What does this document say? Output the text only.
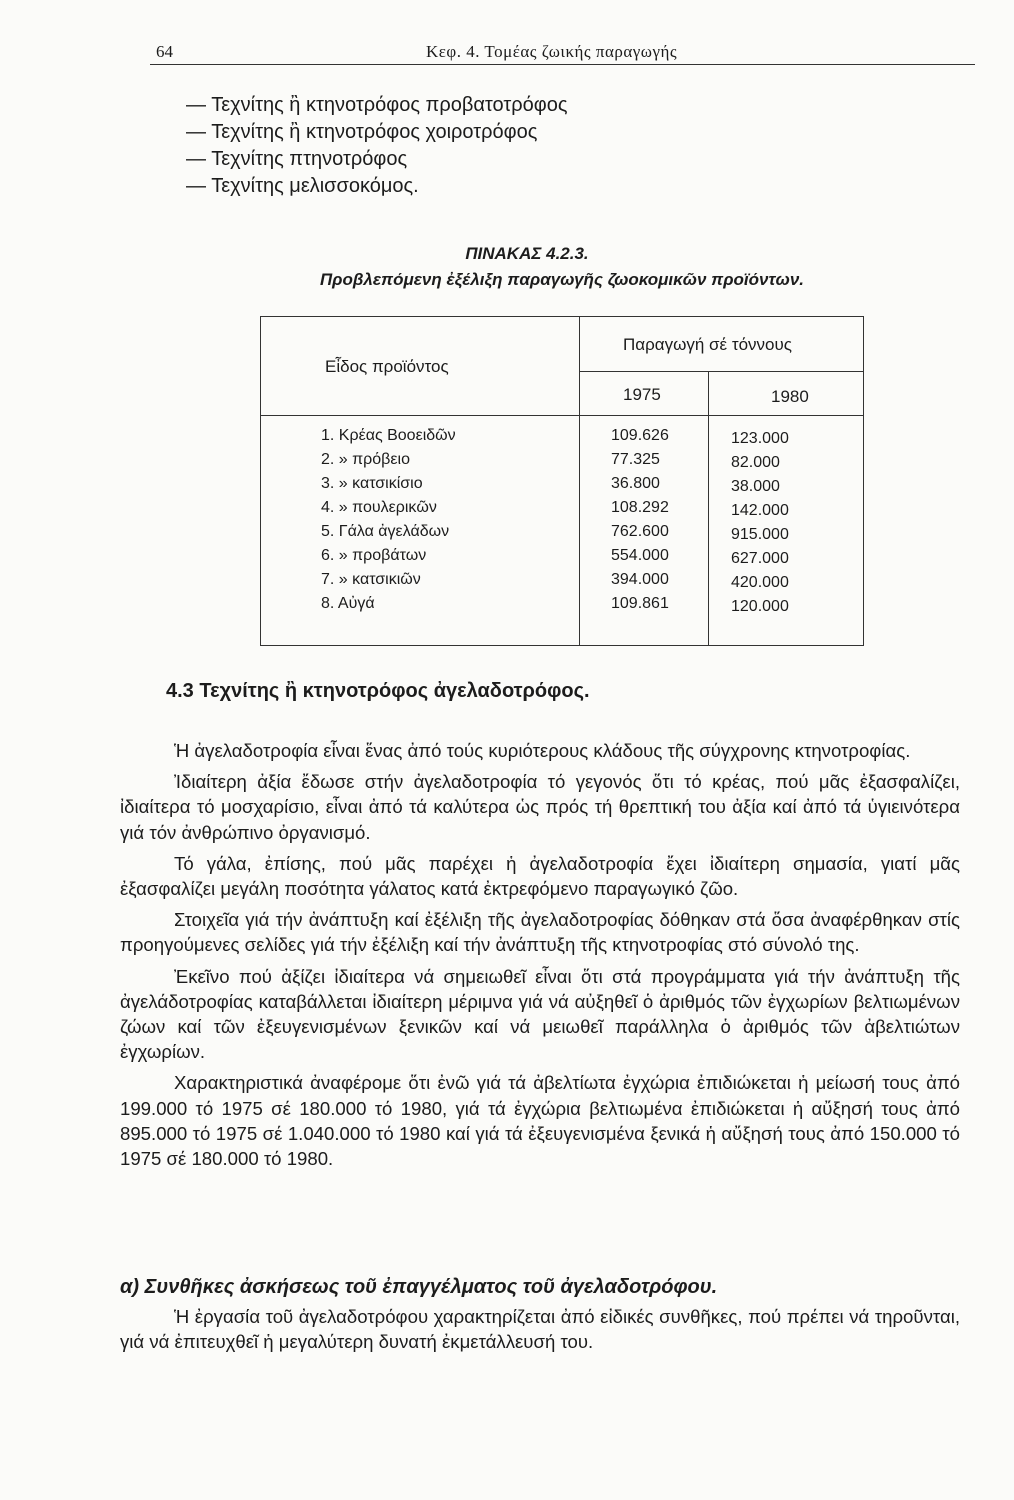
64	Κεφ. 4. Τομέας ζωικής παραγωγής
— Τεχνίτης ἢ κτηνοτρόφος προβατοτρόφος
— Τεχνίτης ἢ κτηνοτρόφος χοιροτρόφος
— Τεχνίτης πτηνοτρόφος
— Τεχνίτης μελισσοκόμος.
ΠΙΝΑΚΑΣ 4.2.3.
Προβλεπόμενη ἐξέλιξη παραγωγῆς ζωοκομικῶν προϊόντων.
Εἶδος προϊόντος
Παραγωγή σέ τόννους
1975	1980
1. Κρέας Βοοειδῶν	109.626	123.000
2. » πρόβειο	77.325	82.000
3. » κατσικίσιο	36.800	38.000
4. » πουλερικῶν	108.292	142.000
5. Γάλα ἀγελάδων	762.600	915.000
6. » προβάτων	554.000	627.000
7. » κατσικιῶν	394.000	420.000
8. Αὐγά	109.861	120.000
4.3 Τεχνίτης ἢ κτηνοτρόφος ἀγελαδοτρόφος.

Ἡ ἀγελαδοτροφία εἶναι ἕνας ἀπό τούς κυριότερους κλάδους τῆς σύγχρονης κτηνοτροφίας.

Ἰδιαίτερη ἀξία ἔδωσε στήν ἀγελαδοτροφία τό γεγονός ὅτι τό κρέας, πού μᾶς ἐξασφαλίζει, ἰδιαίτερα τό μοσχαρίσιο, εἶναι ἀπό τά καλύτερα ὡς πρός τή θρεπτική του ἀξία καί ἀπό τά ὑγιεινότερα γιά τόν ἀνθρώπινο ὀργανισμό.

Τό γάλα, ἐπίσης, πού μᾶς παρέχει ἡ ἀγελαδοτροφία ἔχει ἰδιαίτερη σημασία, γιατί μᾶς ἐξασφαλίζει μεγάλη ποσότητα γάλατος κατά ἐκτρεφόμενο παραγωγικό ζῶο.

Στοιχεῖα γιά τήν ἀνάπτυξη καί ἐξέλιξη τῆς ἀγελαδοτροφίας δόθηκαν στά ὅσα ἀναφέρθηκαν στίς προηγούμενες σελίδες γιά τήν ἐξέλιξη καί τήν ἀνάπτυξη τῆς κτηνοτροφίας στό σύνολό της.

Ἐκεῖνο πού ἀξίζει ἰδιαίτερα νά σημειωθεῖ εἶναι ὅτι στά προγράμματα γιά τήν ἀνάπτυξη τῆς ἀγελάδοτροφίας καταβάλλεται ἰδιαίτερη μέριμνα γιά νά αὐξηθεῖ ὁ ἀριθμός τῶν ἐγχωρίων βελτιωμένων ζώων καί τῶν ἐξευγενισμένων ξενικῶν καί νά μειωθεῖ παράλληλα ὁ ἀριθμός τῶν ἀβελτιώτων ἐγχωρίων.

Χαρακτηριστικά ἀναφέρομε ὅτι ἐνῶ γιά τά ἀβελτίωτα ἐγχώρια ἐπιδιώκεται ἡ μείωσή τους ἀπό 199.000 τό 1975 σέ 180.000 τό 1980, γιά τά ἐγχώρια βελτιωμένα ἐπιδιώκεται ἡ αὔξησή τους ἀπό 895.000 τό 1975 σέ 1.040.000 τό 1980 καί γιά τά ἐξευγενισμένα ξενικά ἡ αὔξησή τους ἀπό 150.000 τό 1975 σέ 180.000 τό 1980.

α) Συνθῆκες ἀσκήσεως τοῦ ἐπαγγέλματος τοῦ ἀγελαδοτρόφου.

Ἡ ἐργασία τοῦ ἀγελαδοτρόφου χαρακτηρίζεται ἀπό εἰδικές συνθῆκες, πού πρέπει νά τηροῦνται, γιά νά ἐπιτευχθεῖ ἡ μεγαλύτερη δυνατή ἐκμετάλλευσή του.
